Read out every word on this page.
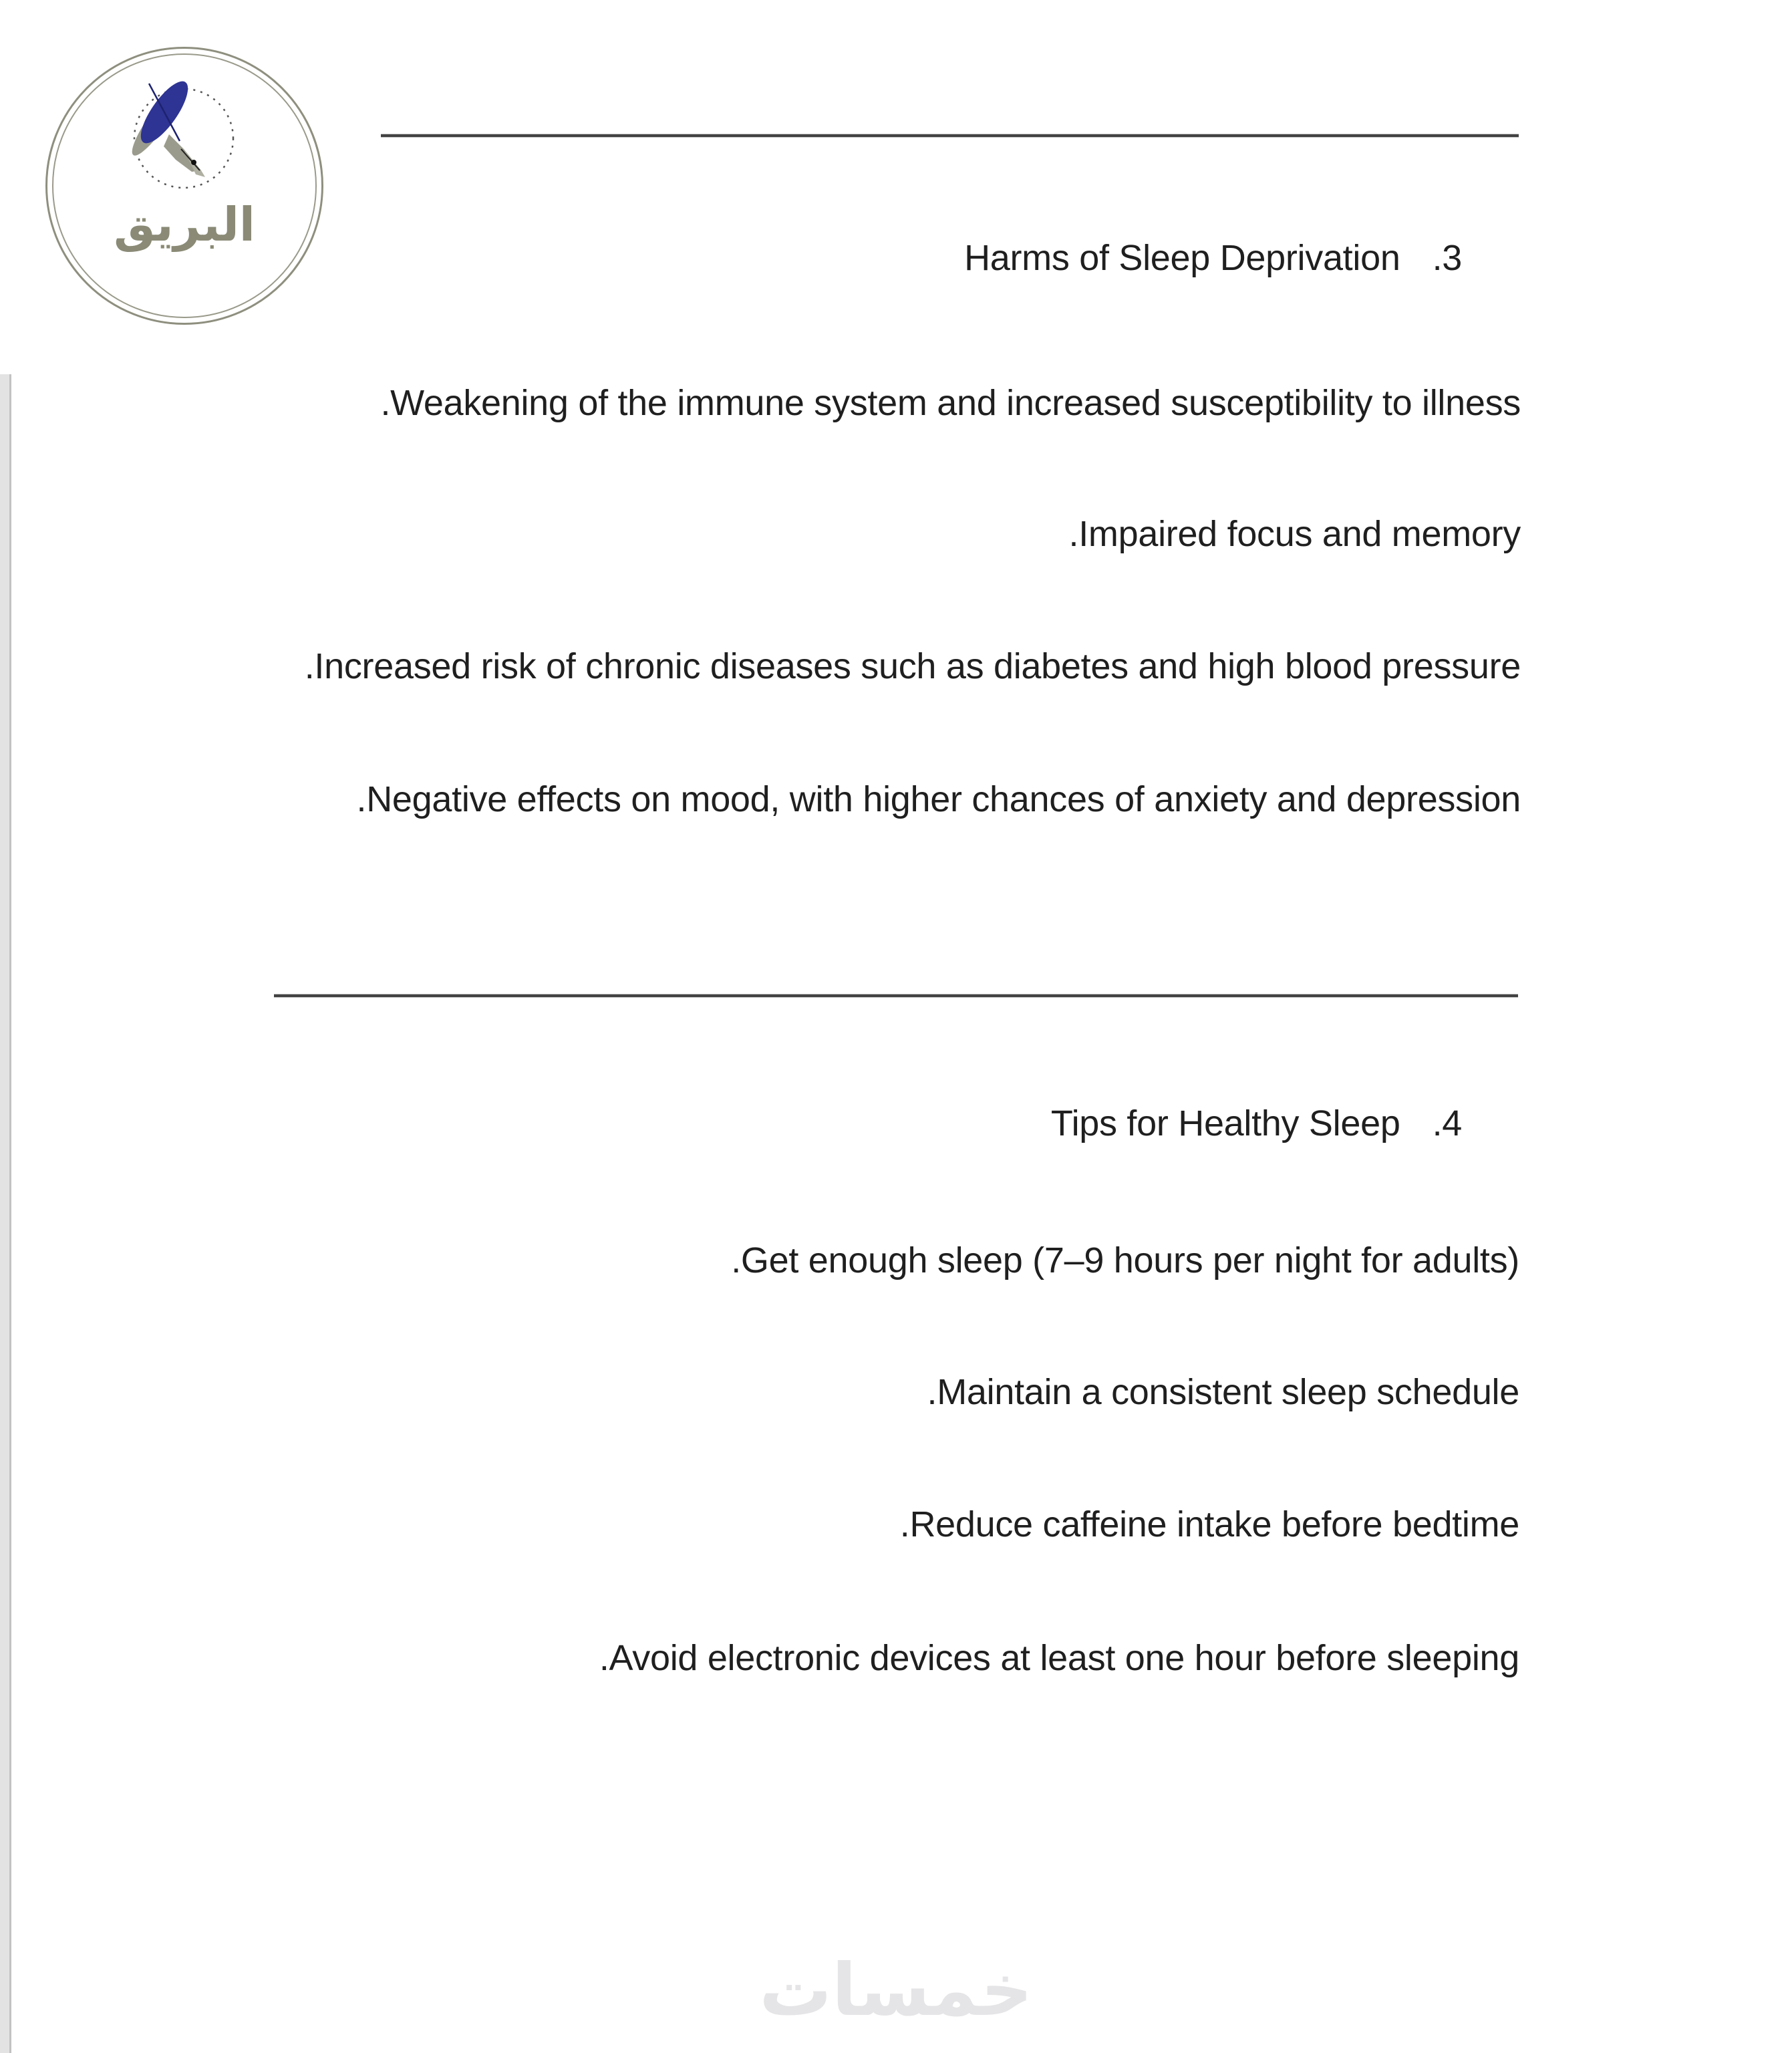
البريق
Harms of Sleep Deprivation .3
.Weakening of the immune system and increased susceptibility to illness
.Impaired focus and memory
.Increased risk of chronic diseases such as diabetes and high blood pressure
.Negative effects on mood, with higher chances of anxiety and depression
Tips for Healthy Sleep .4
.Get enough sleep (7–9 hours per night for adults)
.Maintain a consistent sleep schedule
.Reduce caffeine intake before bedtime
.Avoid electronic devices at least one hour before sleeping
خمسات
